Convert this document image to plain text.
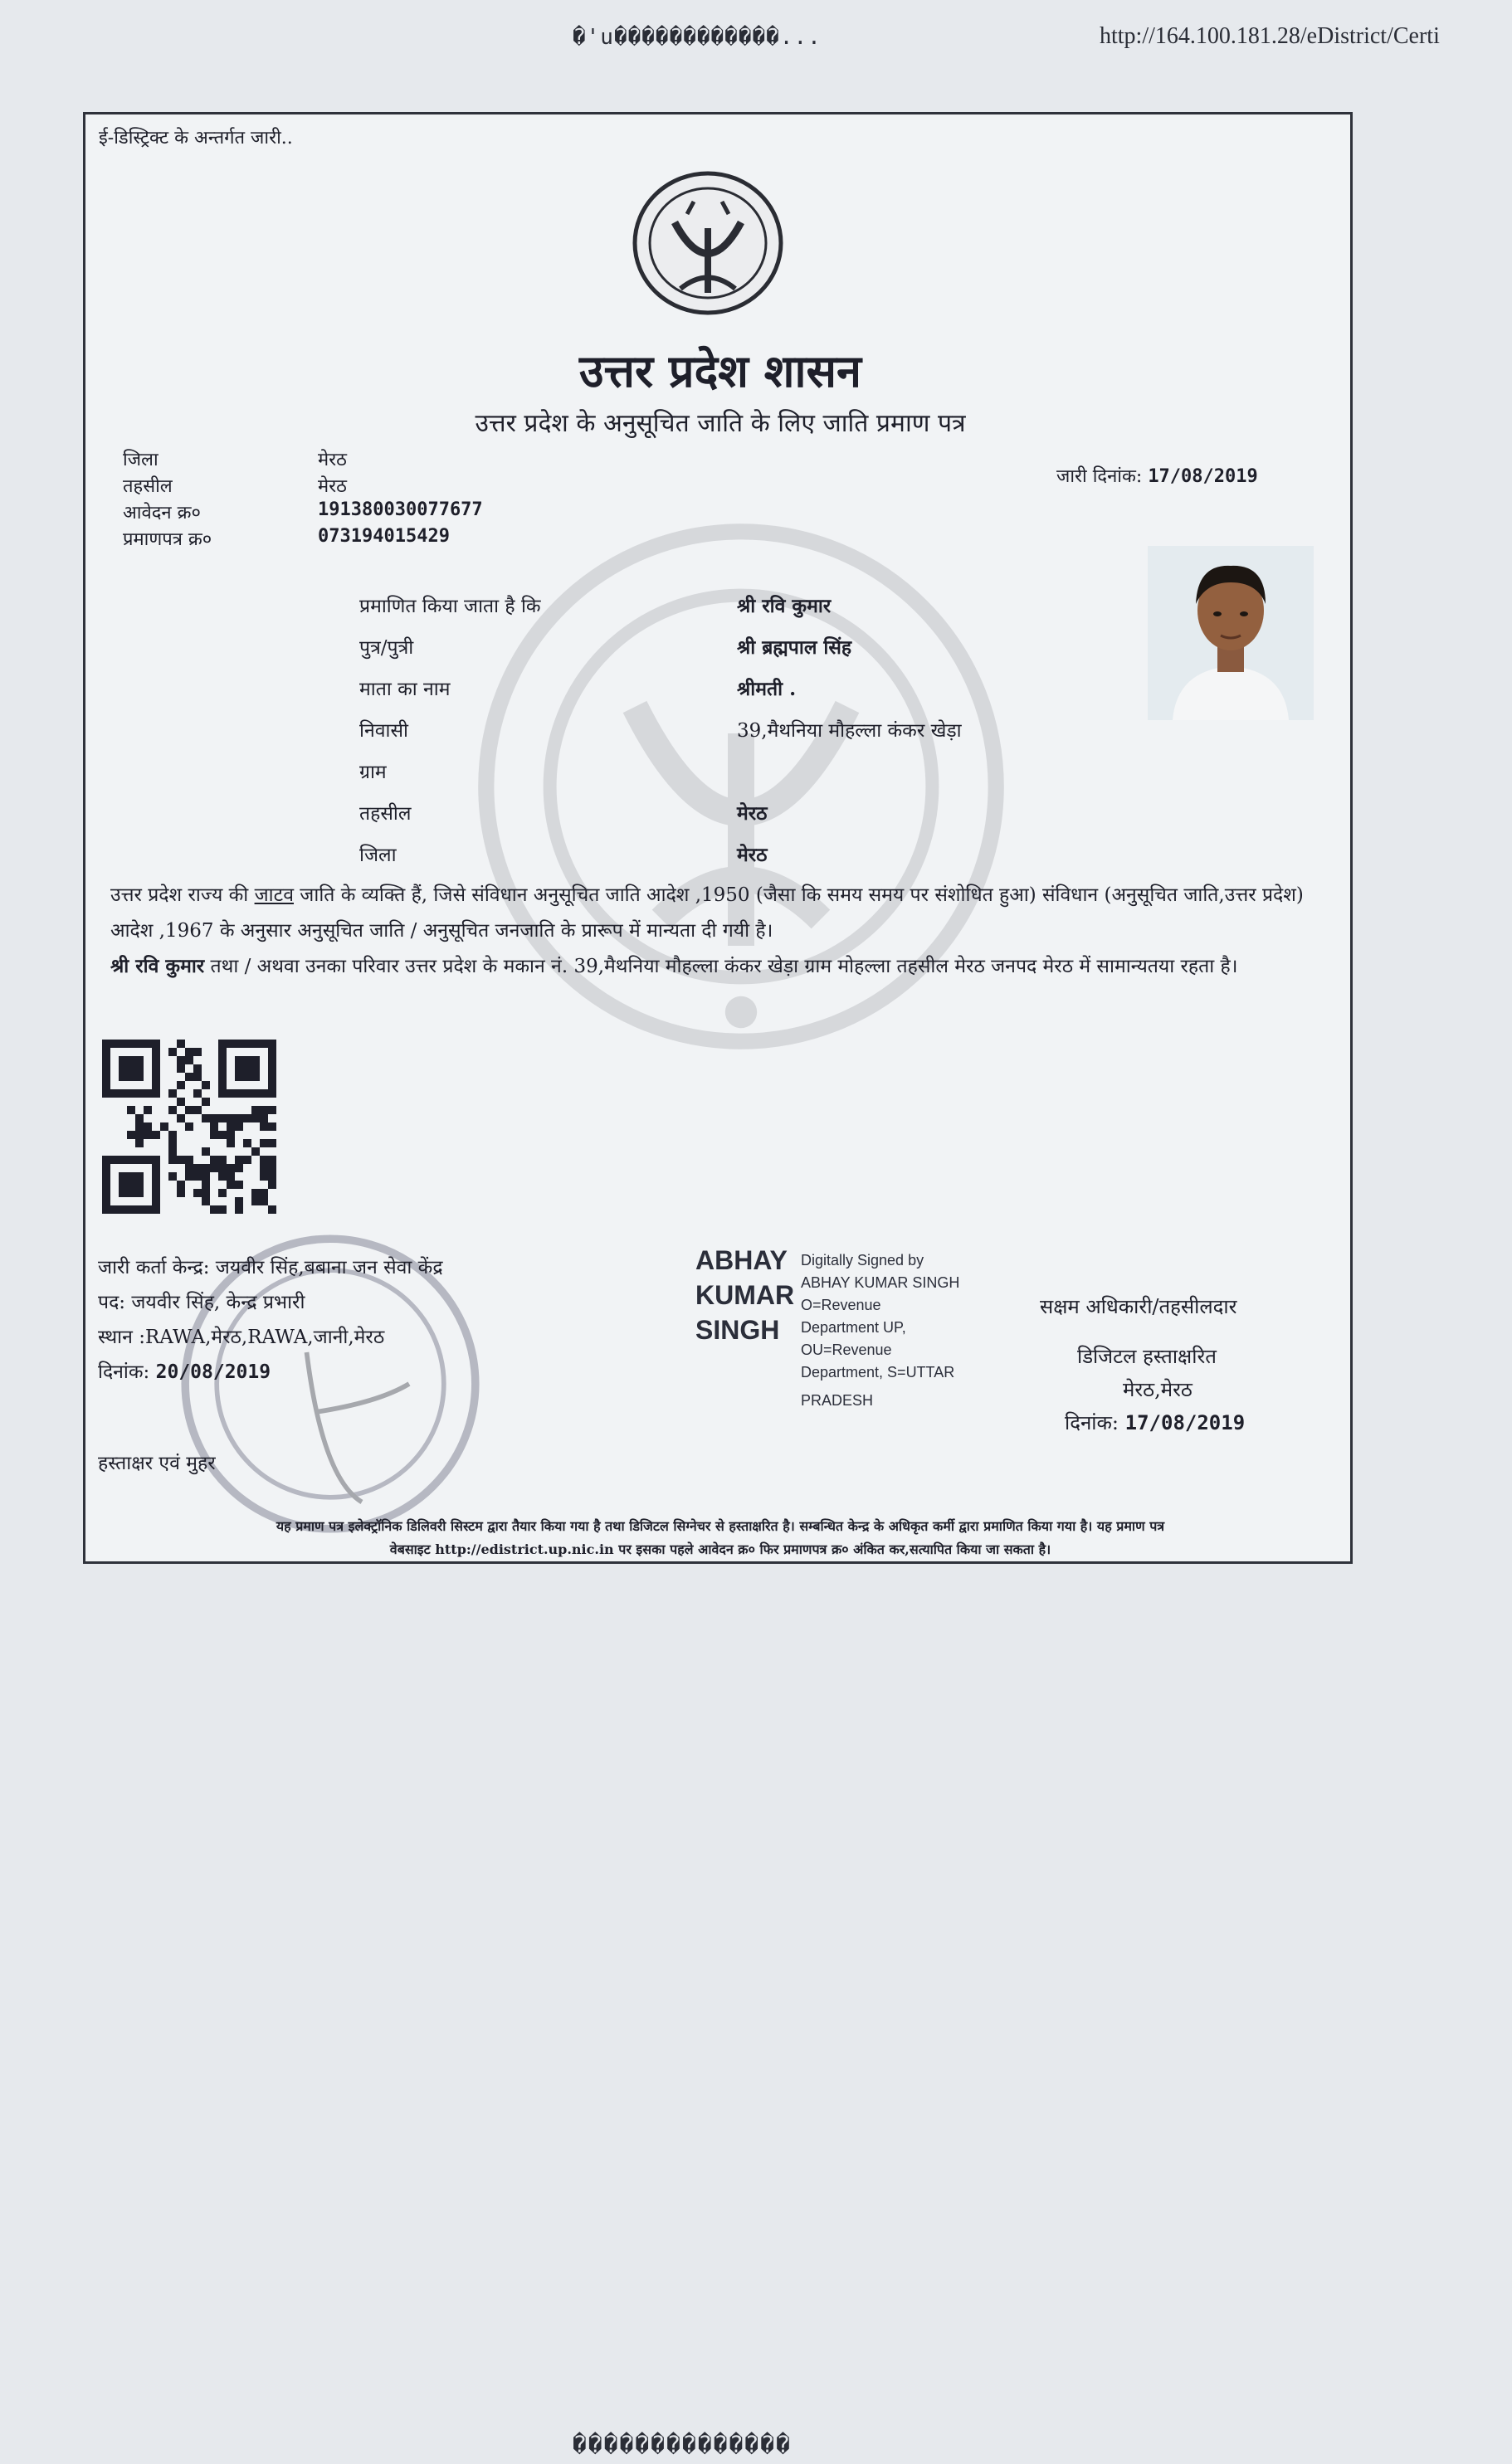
�'u������������...	http://164.100.181.28/eDistrict/Certi
ई-डिस्ट्रिक्ट के अन्तर्गत जारी..
उत्तर प्रदेश शासन
उत्तर प्रदेश के अनुसूचित जाति के लिए जाति प्रमाण पत्र
जिला	मेरठ
तहसील	मेरठ
आवेदन क्र०	191380030077677
प्रमाणपत्र क्र०	073194015429
जारी दिनांक: 17/08/2019
प्रमाणित किया जाता है कि	श्री रवि कुमार
पुत्र/पुत्री	श्री ब्रह्मपाल सिंह
माता का नाम	श्रीमती .
निवासी	39,मैथनिया मौहल्ला कंकर खेड़ा
ग्राम
तहसील	मेरठ
जिला	मेरठ
उत्तर प्रदेश राज्य की जाटव जाति के व्यक्ति हैं, जिसे संविधान अनुसूचित जाति आदेश ,1950 (जैसा कि समय समय पर संशोधित हुआ) संविधान (अनुसूचित जाति,उत्तर प्रदेश) आदेश ,1967 के अनुसार अनुसूचित जाति / अनुसूचित जनजाति के प्रारूप में मान्यता दी गयी है।
श्री रवि कुमार तथा / अथवा उनका परिवार उत्तर प्रदेश के मकान नं. 39,मैथनिया मौहल्ला कंकर खेड़ा ग्राम मोहल्ला तहसील मेरठ जनपद मेरठ में सामान्यतया रहता है।
जारी कर्ता केन्द्र: जयवीर सिंह,बबाना जन सेवा केंद्र
पद: जयवीर सिंह, केन्द्र प्रभारी
स्थान :RAWA,मेरठ,RAWA,जानी,मेरठ
दिनांक: 20/08/2019
हस्ताक्षर एवं मुहर
ABHAY
KUMAR
SINGH
Digitally Signed by
ABHAY KUMAR SINGH
O=Revenue
Department UP,
OU=Revenue
Department, S=UTTAR
PRADESH
सक्षम अधिकारी/तहसीलदार
डिजिटल हस्ताक्षरित
मेरठ,मेरठ
दिनांक: 17/08/2019
यह प्रमाण पत्र इलेक्ट्रॉनिक डिलिवरी सिस्टम द्वारा तैयार किया गया है तथा डिजिटल सिग्नेचर से हस्ताक्षरित है। सम्बन्धित केन्द्र के अधिकृत कर्मी द्वारा प्रमाणित किया गया है। यह प्रमाण पत्र
वेबसाइट http://edistrict.up.nic.in पर इसका पहले आवेदन क्र० फिर प्रमाणपत्र क्र० अंकित कर,सत्यापित किया जा सकता है।
��������������
